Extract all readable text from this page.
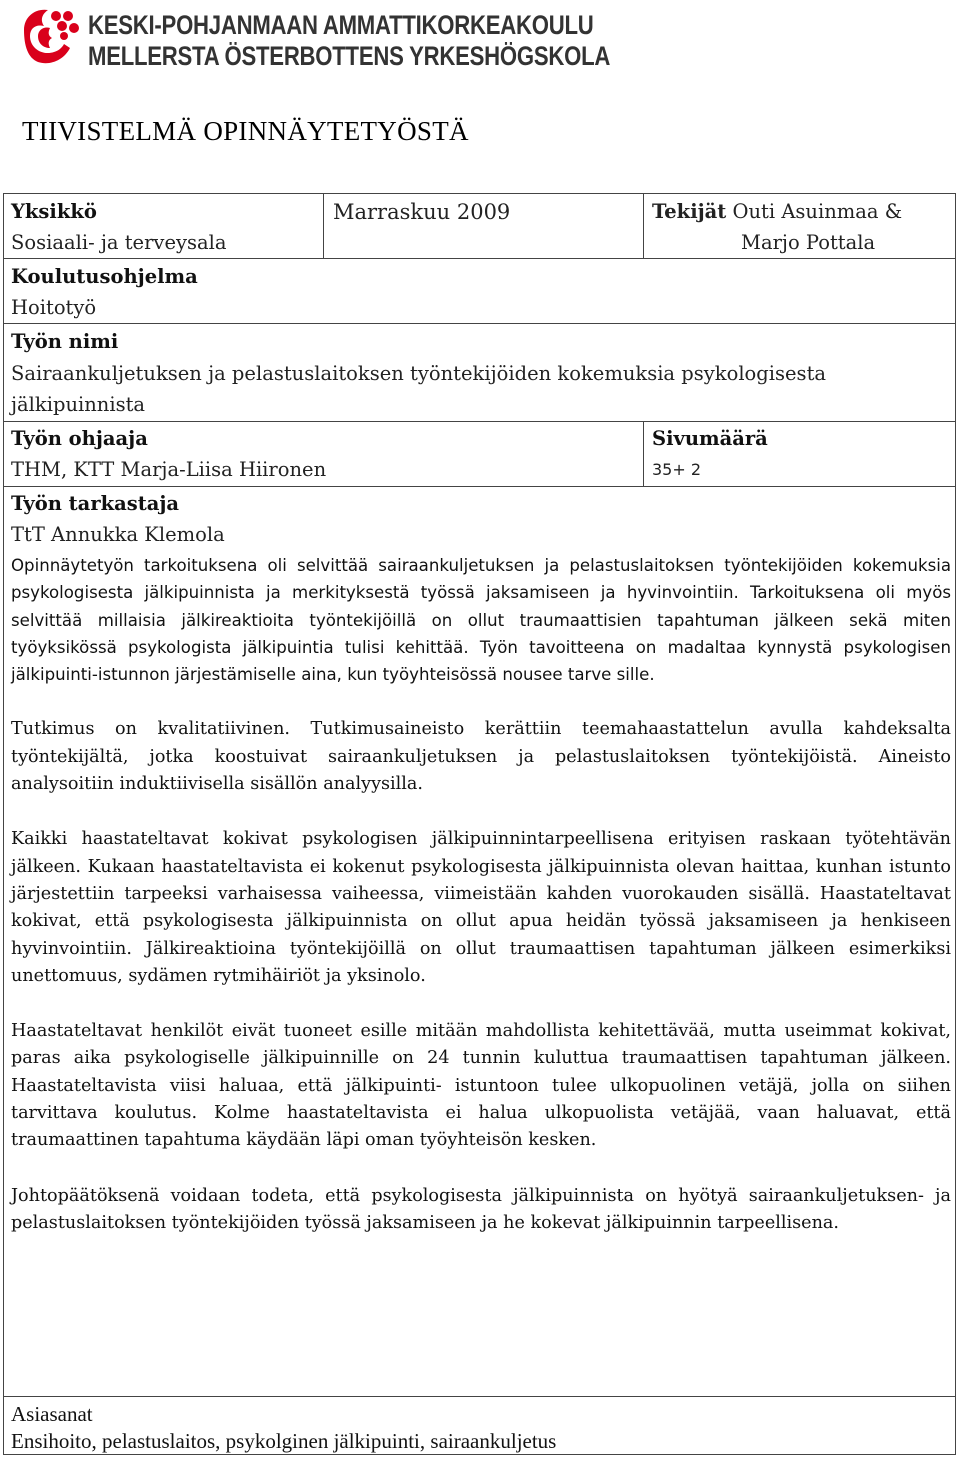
KESKI-POHJANMAAN AMMATTIKORKEAKOULU
MELLERSTA ÖSTERBOTTENS YRKESHÖGSKOLA
TIIVISTELMÄ OPINNÄYTETYÖSTÄ
Yksikkö
Sosiaali- ja terveysala
Marraskuu 2009	Tekijät Outi Asuinmaa &
Marjo Pottala
Koulutusohjelma
Hoitotyö
Työn nimi
Sairaankuljetuksen ja pelastuslaitoksen työntekijöiden kokemuksia psykologisesta
jälkipuinnista
Työn ohjaaja
THM, KTT Marja-Liisa Hiironen
Sivumäärä
35+ 2
Työn tarkastaja
TtT Annukka Klemola

Opinnäytetyön tarkoituksena oli selvittää sairaankuljetuksen ja pelastuslaitoksen työntekijöiden kokemuksia psykologisesta jälkipuinnista ja merkityksestä työssä jaksamiseen ja hyvinvointiin. Tarkoituksena oli myös selvittää millaisia jälkireaktioita työntekijöillä on ollut traumaattisien tapahtuman jälkeen sekä miten työyksikössä psykologista jälkipuintia tulisi kehittää. Työn tavoitteena on madaltaa kynnystä psykologisen jälkipuinti-istunnon järjestämiselle aina, kun työyhteisössä nousee tarve sille.

Tutkimus on kvalitatiivinen. Tutkimusaineisto kerättiin teemahaastattelun avulla kahdeksalta työntekijältä, jotka koostuivat sairaankuljetuksen ja pelastuslaitoksen työntekijöistä. Aineisto analysoitiin induktiivisella sisällön analyysilla.

Kaikki haastateltavat kokivat psykologisen jälkipuinnintarpeellisena erityisen raskaan työtehtävän jälkeen. Kukaan haastateltavista ei kokenut psykologisesta jälkipuinnista olevan haittaa, kunhan istunto järjestettiin tarpeeksi varhaisessa vaiheessa, viimeistään kahden vuorokauden sisällä. Haastateltavat kokivat, että psykologisesta jälkipuinnista on ollut apua heidän työssä jaksamiseen ja henkiseen hyvinvointiin. Jälkireaktioina työntekijöillä on ollut traumaattisen tapahtuman jälkeen esimerkiksi unettomuus, sydämen rytmihäiriöt ja yksinolo.

Haastateltavat henkilöt eivät tuoneet esille mitään mahdollista kehitettävää, mutta useimmat kokivat, paras aika psykologiselle jälkipuinnille on 24 tunnin kuluttua traumaattisen tapahtuman jälkeen. Haastateltavista viisi haluaa, että jälkipuinti- istuntoon tulee ulkopuolinen vetäjä, jolla on siihen tarvittava koulutus. Kolme haastateltavista ei halua ulkopuolista vetäjää, vaan haluavat, että traumaattinen tapahtuma käydään läpi oman työyhteisön kesken.

Johtopäätöksenä voidaan todeta, että psykologisesta jälkipuinnista on hyötyä sairaankuljetuksen- ja pelastuslaitoksen työntekijöiden työssä jaksamiseen ja he kokevat jälkipuinnin tarpeellisena.

Asiasanat
Ensihoito, pelastuslaitos, psykolginen jälkipuinti, sairaankuljetus
